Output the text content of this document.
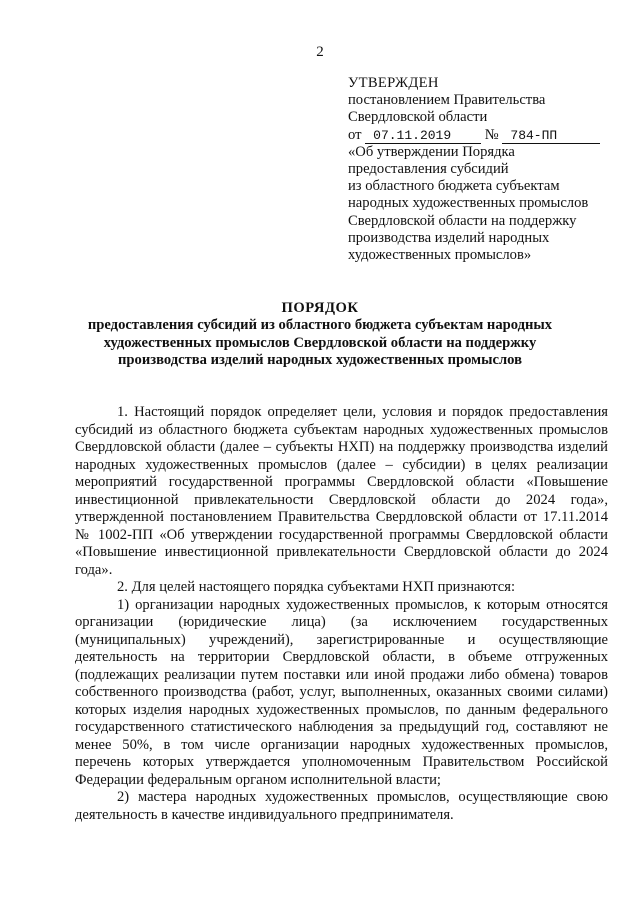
2
УТВЕРЖДЕН
постановлением Правительства
Свердловской области
от 07.11.2019 № 784-ПП
«Об утверждении Порядка
предоставления субсидий
из областного бюджета субъектам
народных художественных промыслов
Свердловской области на поддержку
производства изделий народных
художественных промыслов»
ПОРЯДОК
предоставления субсидий из областного бюджета субъектам народных
художественных промыслов Свердловской области на поддержку
производства изделий народных художественных промыслов

1. Настоящий порядок определяет цели, условия и порядок предоставления субсидий из областного бюджета субъектам народных художественных промыслов Свердловской области (далее – субъекты НХП) на поддержку производства изделий народных художественных промыслов (далее – субсидии) в целях реализации мероприятий государственной программы Свердловской области «Повышение инвестиционной привлекательности Свердловской области до 2024 года», утвержденной постановлением Правительства Свердловской области от 17.11.2014 № 1002-ПП «Об утверждении государственной программы Свердловской области «Повышение инвестиционной привлекательности Свердловской области до 2024 года».

2. Для целей настоящего порядка субъектами НХП признаются:

1) организации народных художественных промыслов, к которым относятся организации (юридические лица) (за исключением государственных (муниципальных) учреждений), зарегистрированные и осуществляющие деятельность на территории Свердловской области, в объеме отгруженных (подлежащих реализации путем поставки или иной продажи либо обмена) товаров собственного производства (работ, услуг, выполненных, оказанных своими силами) которых изделия народных художественных промыслов, по данным федерального государственного статистического наблюдения за предыдущий год, составляют не менее 50%, в том числе организации народных художественных промыслов, перечень которых утверждается уполномоченным Правительством Российской Федерации федеральным органом исполнительной власти;

2) мастера народных художественных промыслов, осуществляющие свою деятельность в качестве индивидуального предпринимателя.
